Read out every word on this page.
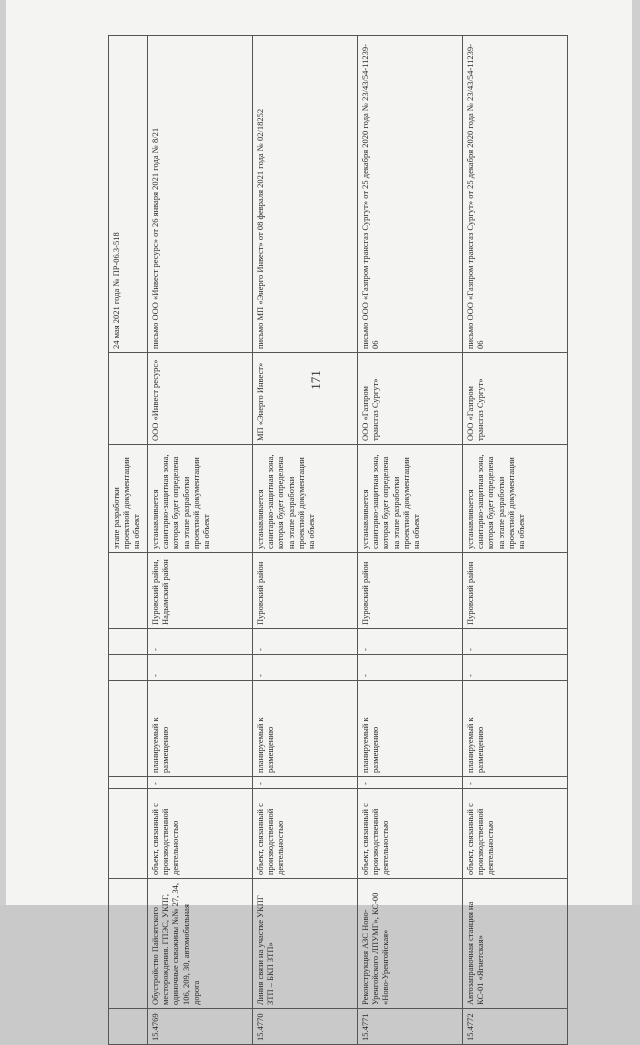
171
								этапе разработки проектной документации на объект		24 мая 2021 года № ПР-06.3-518
15.4769	Обустройство Пайсятского месторождения. ГПЭС, УКПГ, одиночные скважины №№ 27, 34, 106, 209, 30, автомобильная дорога	объект, связанный с производственной деятельностью	-	планируемый к размещению	-	-	Пуровский район, Надымский район	устанавливается санитарно-защитная зона, которая будет определена на этапе разработки проектной документации на объект	ООО «Инвест ресурс»	письмо ООО «Инвест ресурс» от 26 января 2021 года № 8/21
15.4770	Линия связи на участке УКПГ ЗТП – БКП ЗТП»	объект, связанный с производственной деятельностью	-	планируемый к размещению	-	-	Пуровский район	устанавливается санитарно-защитная зона, которая будет определена на этапе разработки проектной документации на объект	МП «Энерго Инвест»	письмо МП «Энерго Инвест» от 08 февраля 2021 года № 02/18252
15.4771	Реконструкция АЗС Ново-Уренгойского ЛПУМГ», КС-00 «Ново-Уренгойская»	объект, связанный с производственной деятельностью	-	планируемый к размещению	-	-	Пуровский район	устанавливается санитарно-защитная зона, которая будет определена на этапе разработки проектной документации на объект	ООО «Газпром трансгаз Сургут»	письмо ООО «Газпром трансгаз Сургут» от 25 декабря 2020 года № 23/43/54-11239-06
15.4772	Автозаправочная станция на КС-01 «Ягнетская»	объект, связанный с производственной деятельностью	-	планируемый к размещению	-	-	Пуровский район	устанавливается санитарно-защитная зона, которая будет определена на этапе разработки проектной документации на объект	ООО «Газпром трансгаз Сургут»	письмо ООО «Газпром трансгаз Сургут» от 25 декабря 2020 года № 23/43/54-11239-06
